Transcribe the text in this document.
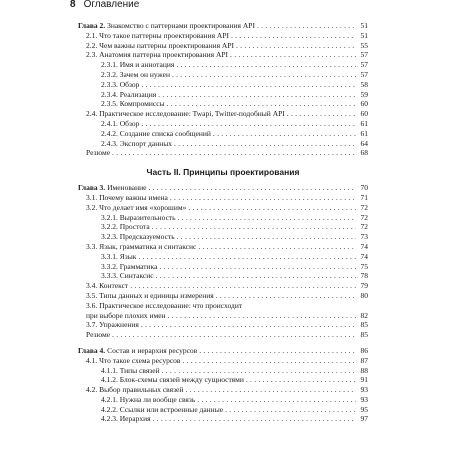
8 Оглавление
Глава 2. Знакомство с паттернами проектирования API . . .	51
2.1. Что такое паттерны проектирования API . . .	51
2.2. Чем важны паттерны проектирования API . . .	55
2.3. Анатомия паттерна проектирования API . . .	57
2.3.1. Имя и аннотация . . .	57
2.3.2. Зачем он нужен . . .	57
2.3.3. Обзор . . .	58
2.3.4. Реализация . . .	59
2.3.5. Компромиссы . . .	60
2.4. Практическое исследование: Twapi, Twitter-подобный API . . .	60
2.4.1. Обзор . . .	61
2.4.2. Создание списка сообщений . . .	61
2.4.3. Экспорт данных . . .	64
Резюме . . .	68
Часть II. Принципы проектирования
Глава 3. Именование . . .	70
3.1. Почему важны имена . . .	71
3.2. Что делает имя «хорошим» . . .	72
3.2.1. Выразительность . . .	72
3.2.2. Простота . . .	72
3.2.3. Предсказуемость . . .	73
3.3. Язык, грамматика и синтаксис . . .	74
3.3.1. Язык . . .	74
3.3.2. Грамматика . . .	75
3.3.3. Синтаксис . . .	78
3.4. Контекст . . .	79
3.5. Типы данных и единицы измерения . . .	80
3.6. Практическое исследование: что происходит
при выборе плохих имен . . .	82
3.7. Упражнения . . .	85
Резюме . . .	85
Глава 4. Состав и иерархия ресурсов . . .	86
4.1. Что такое схема ресурсов . . .	87
4.1.1. Типы связей . . .	88
4.1.2. Блок-схемы связей между сущностями . . .	91
4.2. Выбор правильных связей . . .	93
4.2.1. Нужна ли вообще связь . . .	93
4.2.2. Ссылки или встроенные данные . . .	95
4.2.3. Иерархия . . .	97
